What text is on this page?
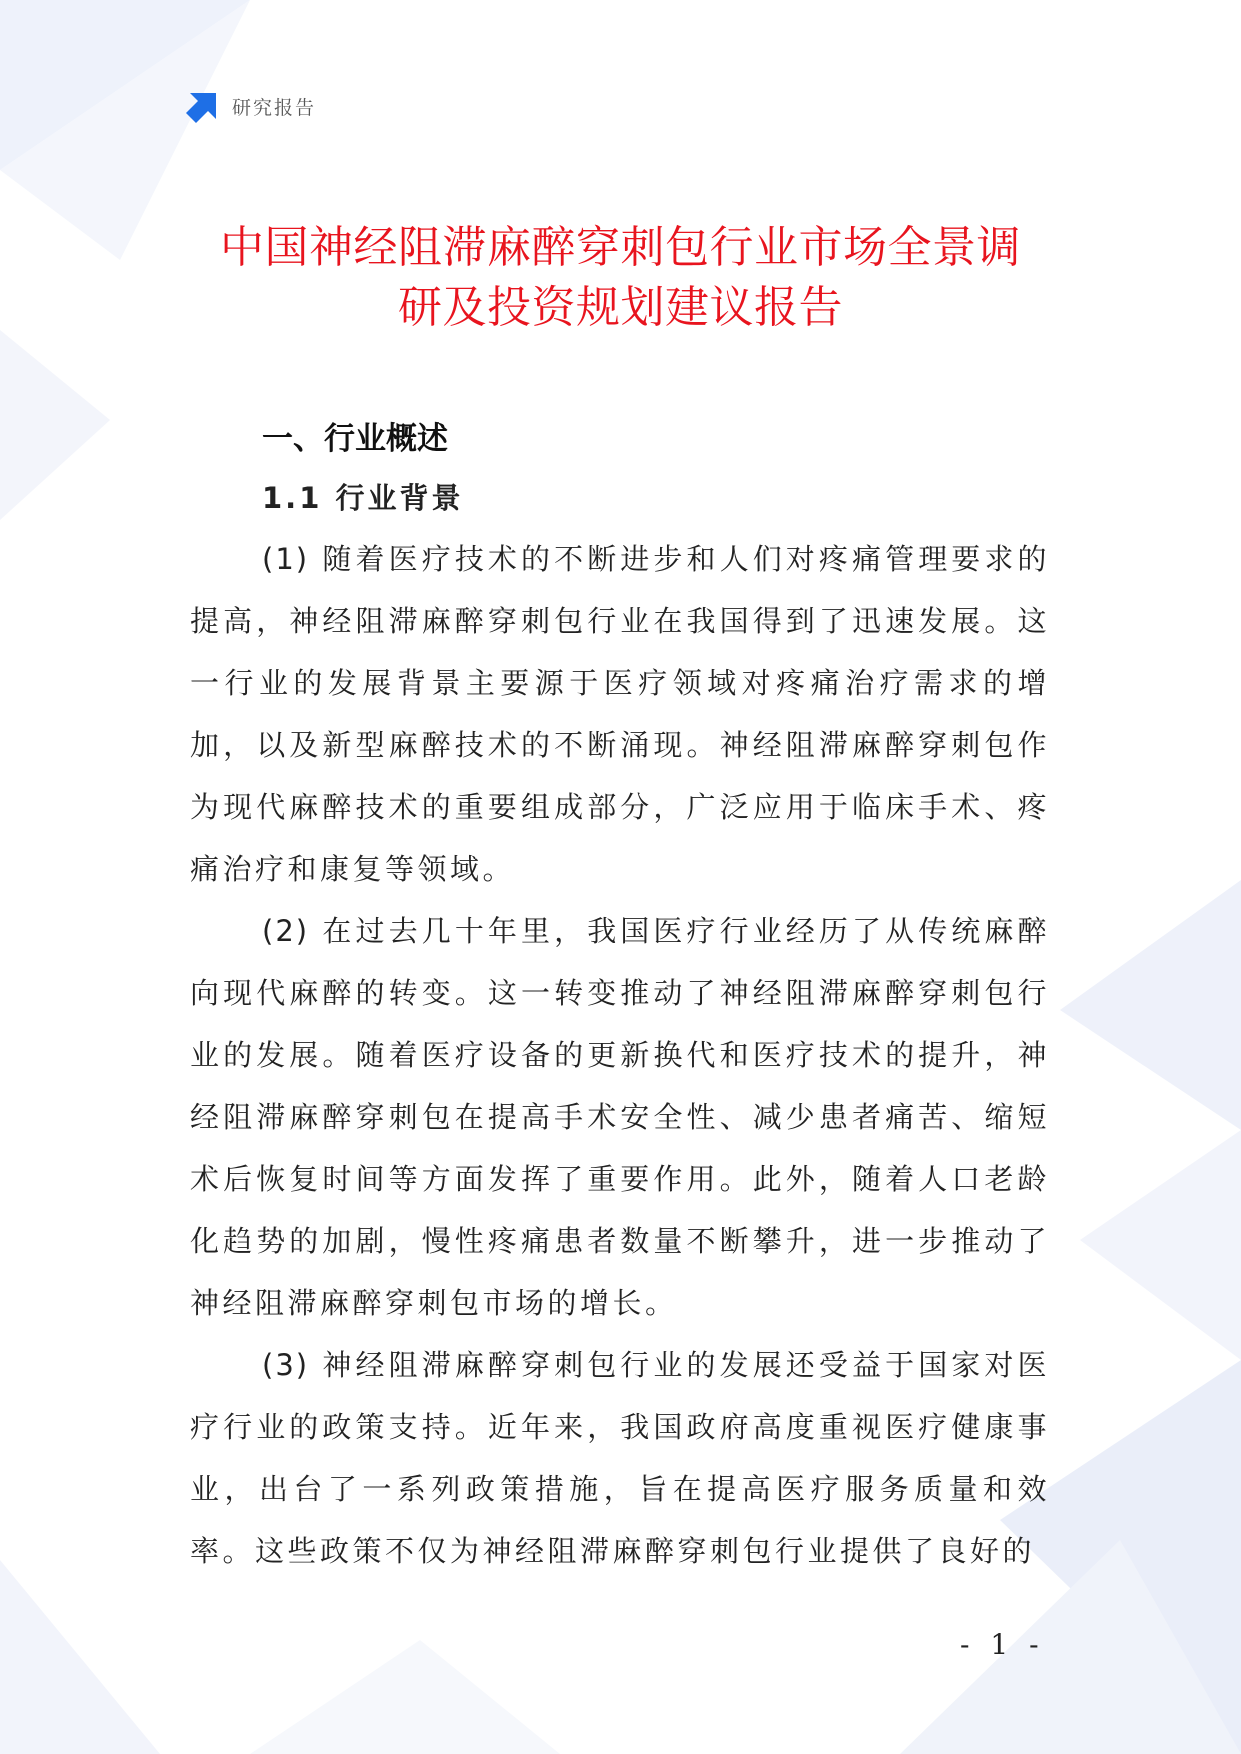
研究报告
中国神经阻滞麻醉穿刺包行业市场全景调
研及投资规划建议报告
一、行业概述
1.1 行业背景

(1) 随着医疗技术的不断进步和人们对疼痛管理要求的提高，神经阻滞麻醉穿刺包行业在我国得到了迅速发展。这一行业的发展背景主要源于医疗领域对疼痛治疗需求的增加，以及新型麻醉技术的不断涌现。神经阻滞麻醉穿刺包作为现代麻醉技术的重要组成部分，广泛应用于临床手术、疼痛治疗和康复等领域。

(2) 在过去几十年里，我国医疗行业经历了从传统麻醉向现代麻醉的转变。这一转变推动了神经阻滞麻醉穿刺包行业的发展。随着医疗设备的更新换代和医疗技术的提升，神经阻滞麻醉穿刺包在提高手术安全性、减少患者痛苦、缩短术后恢复时间等方面发挥了重要作用。此外，随着人口老龄化趋势的加剧，慢性疼痛患者数量不断攀升，进一步推动了神经阻滞麻醉穿刺包市场的增长。

(3) 神经阻滞麻醉穿刺包行业的发展还受益于国家对医疗行业的政策支持。近年来，我国政府高度重视医疗健康事业，出台了一系列政策措施，旨在提高医疗服务质量和效率。这些政策不仅为神经阻滞麻醉穿刺包行业提供了良好的

- 1 -
